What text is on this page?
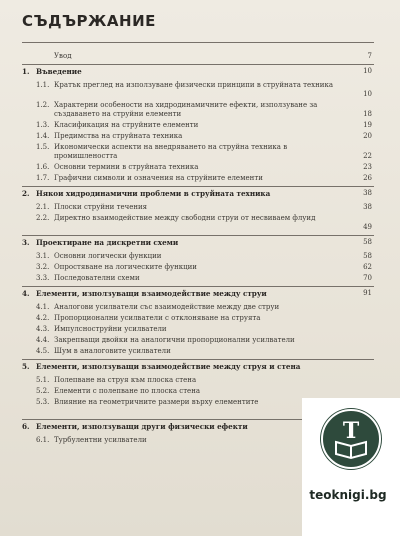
СЪДЪРЖАНИЕ
Увод	7
1. Въведение	10
1.1. Кратък преглед на използуване физически принципи в струйната техника
10
1.2. Характерни особености на хидродинамичните ефекти, използуване за създаването на струйни елементи	18
1.3. Класификация на струйните елементи	19
1.4. Предимства на струйната техника	20
1.5. Икономически аспекти на внедряването на струйна техника в промишлеността	22
1.6. Основни термини в струйната техника	23
1.7. Графични символи и означения на струйните елементи	26
2. Някои хидродинамични проблеми в струйната техника	38
2.1. Плоски струйни течения	38
2.2. Директно взаимодействие между свободни струи от несвиваем флуид
49
3. Проектиране на дискретни схеми	58
3.1. Основни логически функции	58
3.2. Опростяване на логическите функции	62
3.3. Последователни схеми	70
4. Елементи, използуващи взаимодействие между струи	91
4.1. Аналогови усилватели със взаимодействие между две струи
4.2. Пропорционални усилватели с отклоняване на струята
4.3. Импулсноструйни усилватели
4.4. Закрепващи двойки на аналогични пропорционални усилватели
4.5. Шум в аналоговите усилватели
5. Елементи, използуващи взаимодействие между струя и стена
5.1. Полепване на струя към плоска стена
5.2. Елементи с полепване по плоска стена
5.3. Влияние на геометричните размери върху елементите
6. Елементи, използуващи други физически ефекти
6.1. Турбулентни усилватели	T
teoknigi.bg
